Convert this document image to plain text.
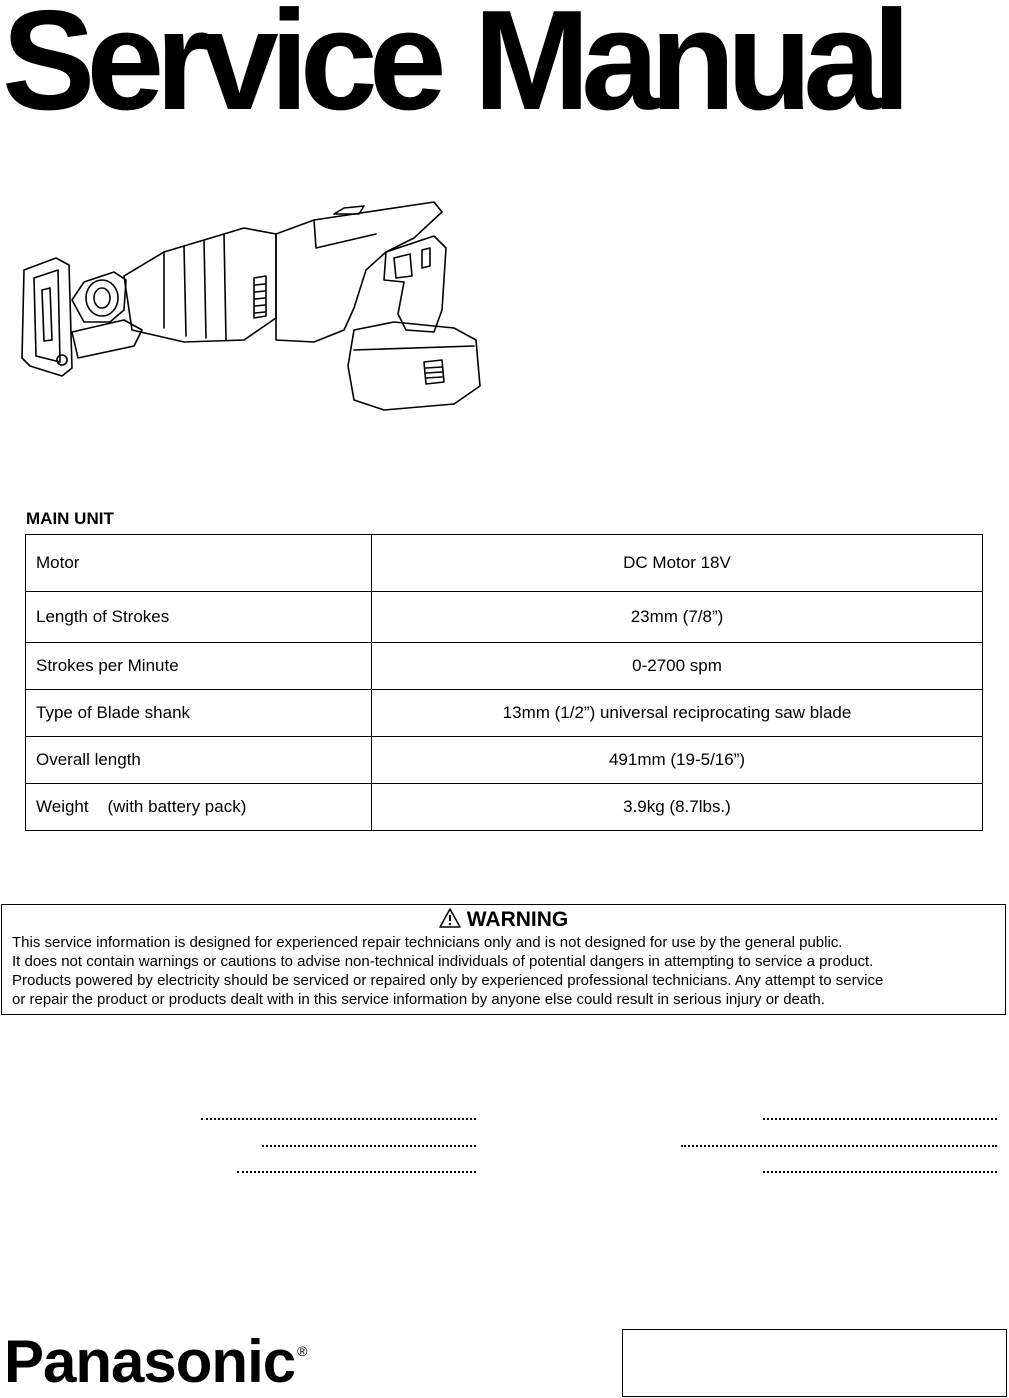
Service Manual
MAIN UNIT
Motor	DC Motor 18V
Length of Strokes	23mm (7/8”)
Strokes per Minute	0-2700 spm
Type of Blade shank	13mm (1/2”) universal reciprocating saw blade
Overall length	491mm (19-5/16”)
Weight    (with battery pack)	3.9kg (8.7lbs.)
WARNING
This service information is designed for experienced repair technicians only and is not designed for use by the general public.
It does not contain warnings or cautions to advise non-technical individuals of potential dangers in attempting to service a product.
Products powered by electricity should be serviced or repaired only by experienced professional technicians. Any attempt to service
or repair the product or products dealt with in this service information by anyone else could result in serious injury or death.
Panasonic ®
